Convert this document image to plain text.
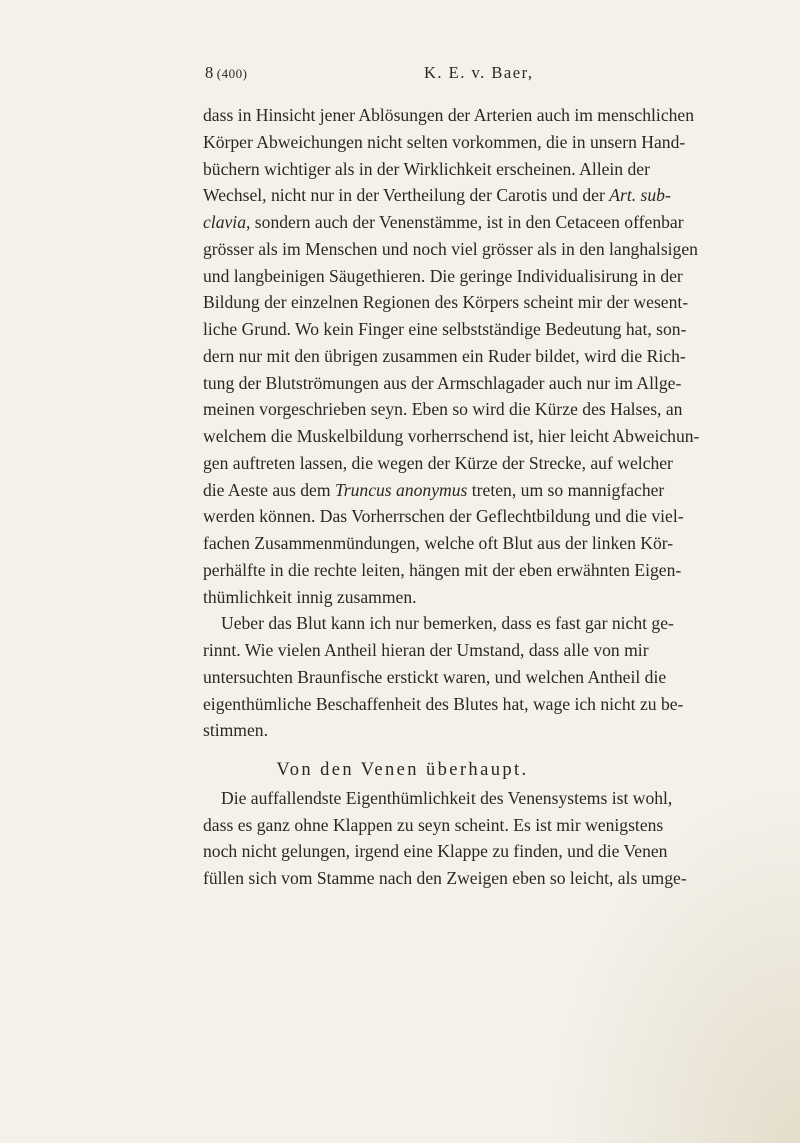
8 (400)	K. E. v. Baer,
dass in Hinsicht jener Ablösungen der Arterien auch im menschlichen
Körper Abweichungen nicht selten vorkommen, die in unsern Hand-
büchern wichtiger als in der Wirklichkeit erscheinen. Allein der
Wechsel, nicht nur in der Vertheilung der Carotis und der Art. sub-
clavia, sondern auch der Venenstämme, ist in den Cetaceen offenbar
grösser als im Menschen und noch viel grösser als in den langhalsigen
und langbeinigen Säugethieren. Die geringe Individualisirung in der
Bildung der einzelnen Regionen des Körpers scheint mir der wesent-
liche Grund. Wo kein Finger eine selbstständige Bedeutung hat, son-
dern nur mit den übrigen zusammen ein Ruder bildet, wird die Rich-
tung der Blutströmungen aus der Armschlagader auch nur im Allge-
meinen vorgeschrieben seyn. Eben so wird die Kürze des Halses, an
welchem die Muskelbildung vorherrschend ist, hier leicht Abweichun-
gen auftreten lassen, die wegen der Kürze der Strecke, auf welcher
die Aeste aus dem Truncus anonymus treten, um so mannigfacher
werden können. Das Vorherrschen der Geflechtbildung und die viel-
fachen Zusammenmündungen, welche oft Blut aus der linken Kör-
perhälfte in die rechte leiten, hängen mit der eben erwähnten Eigen-
thümlichkeit innig zusammen.
Ueber das Blut kann ich nur bemerken, dass es fast gar nicht ge-
rinnt. Wie vielen Antheil hieran der Umstand, dass alle von mir
untersuchten Braunfische erstickt waren, und welchen Antheil die
eigenthümliche Beschaffenheit des Blutes hat, wage ich nicht zu be-
stimmen.
Von den Venen überhaupt.
Die auffallendste Eigenthümlichkeit des Venensystems ist wohl,
dass es ganz ohne Klappen zu seyn scheint. Es ist mir wenigstens
noch nicht gelungen, irgend eine Klappe zu finden, und die Venen
füllen sich vom Stamme nach den Zweigen eben so leicht, als umge-
